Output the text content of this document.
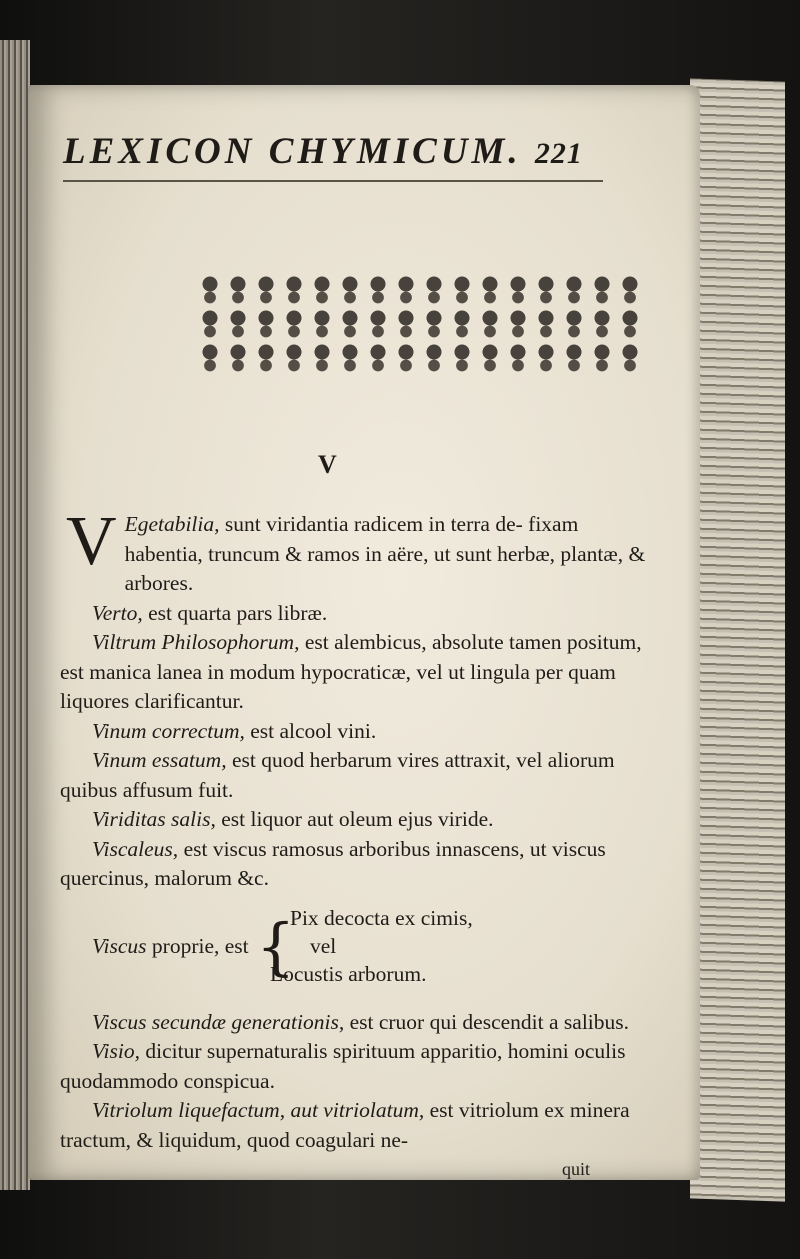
LEXICON CHYMICUM. 221
V

V Egetabilia, sunt viridantia radicem in terra de- fixam habentia, truncum & ramos in aëre, ut sunt herbæ, plantæ, & arbores.

Verto, est quarta pars libræ.

Viltrum Philosophorum, est alembicus, absolute tamen positum, est manica lanea in modum hypocraticæ, vel ut lingula per quam liquores clarificantur.

Vinum correctum, est alcool vini.

Vinum essatum, est quod herbarum vires attraxit, vel aliorum quibus affusum fuit.

Viriditas salis, est liquor aut oleum ejus viride.

Viscaleus, est viscus ramosus arboribus innascens, ut viscus quercinus, malorum &c.

Viscus proprie, est {
Pix decocta ex cimis,
vel
Locustis arborum.

Viscus secundæ generationis, est cruor qui descendit a salibus.

Visio, dicitur supernaturalis spirituum apparitio, homini oculis quodammodo conspicua.

Vitriolum liquefactum, aut vitriolatum, est vitriolum ex minera tractum, & liquidum, quod coagulari ne-

quit
